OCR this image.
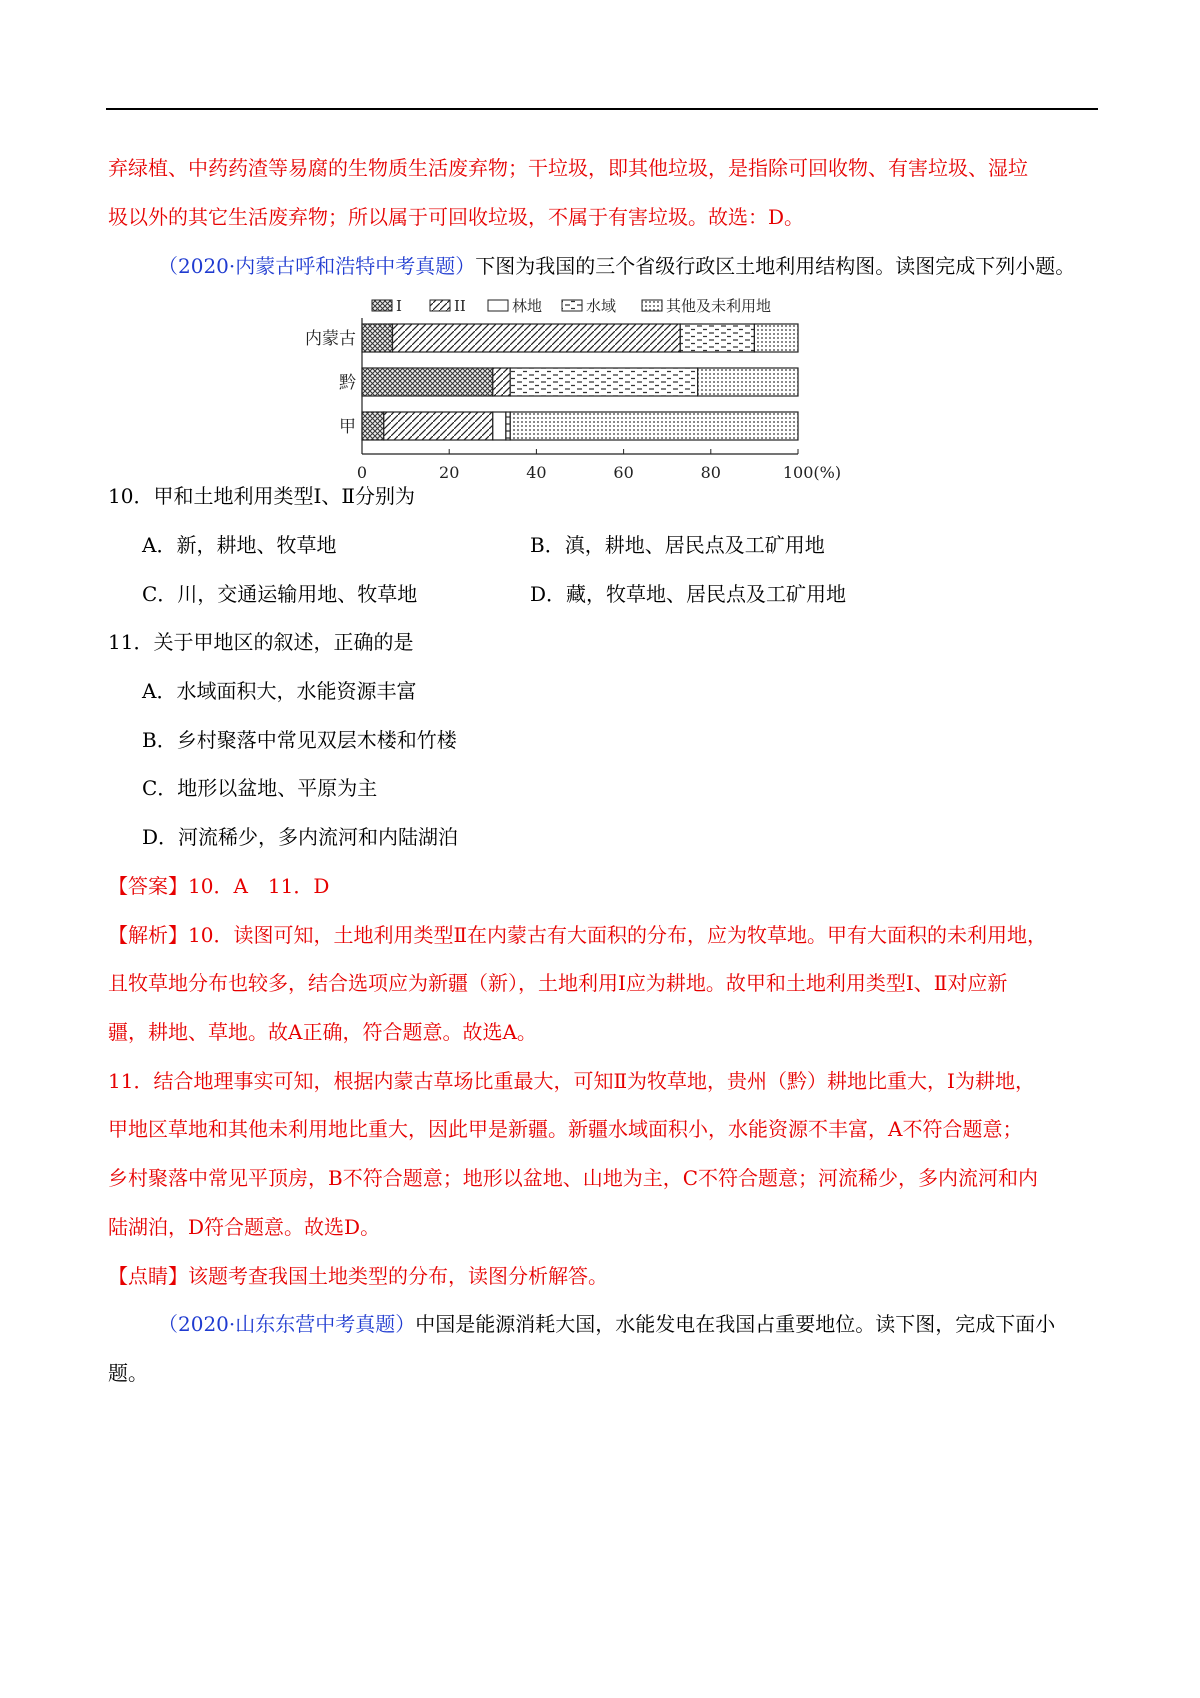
弃绿植、中药药渣等易腐的生物质生活废弃物；干垃圾，即其他垃圾，是指除可回收物、有害垃圾、湿垃
圾以外的其它生活废弃物；所以属于可回收垃圾，不属于有害垃圾。故选：D。
（2020·内蒙古呼和浩特中考真题）下图为我国的三个省级行政区土地利用结构图。读图完成下列小题。
I	II	林地	水域	其他及未利用地
内蒙古
黔
甲
0	20	40	60	80	100(%)
10．甲和土地利用类型Ⅰ、Ⅱ分别为
A．新，耕地、牧草地	B．滇，耕地、居民点及工矿用地
C．川，交通运输用地、牧草地	D．藏，牧草地、居民点及工矿用地
11．关于甲地区的叙述，正确的是
A．水域面积大，水能资源丰富
B．乡村聚落中常见双层木楼和竹楼
C．地形以盆地、平原为主
D．河流稀少，多内流河和内陆湖泊
【答案】10．A　11．D
【解析】10．读图可知，土地利用类型Ⅱ在内蒙古有大面积的分布，应为牧草地。甲有大面积的未利用地，
且牧草地分布也较多，结合选项应为新疆（新），土地利用Ⅰ应为耕地。故甲和土地利用类型Ⅰ、Ⅱ对应新
疆，耕地、草地。故A正确，符合题意。故选A。
11．结合地理事实可知，根据内蒙古草场比重最大，可知Ⅱ为牧草地，贵州（黔）耕地比重大，Ⅰ为耕地，
甲地区草地和其他未利用地比重大，因此甲是新疆。新疆水域面积小，水能资源不丰富，A不符合题意；
乡村聚落中常见平顶房，B不符合题意；地形以盆地、山地为主，C不符合题意；河流稀少，多内流河和内
陆湖泊，D符合题意。故选D。
【点睛】该题考查我国土地类型的分布，读图分析解答。
（2020·山东东营中考真题）中国是能源消耗大国，水能发电在我国占重要地位。读下图，完成下面小
题。
